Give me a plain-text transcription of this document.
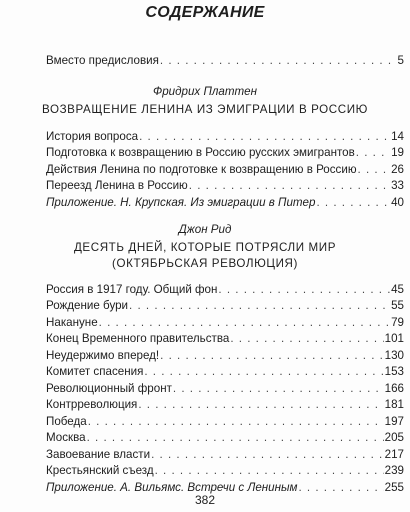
СОДЕРЖАНИЕ
Вместо предисловия . . .	5
Фридрих Платтен
ВОЗВРАЩЕНИЕ ЛЕНИНА ИЗ ЭМИГРАЦИИ В РОССИЮ
История вопроса . . .	14
Подготовка к возвращению в Россию русских эмигрантов . . .	19
Действия Ленина по подготовке к возвращению в Россию . . .	26
Переезд Ленина в Россию . . .	33
Приложение. Н. Крупская. Из эмиграции в Питер . . .	40
Джон Рид
ДЕСЯТЬ ДНЕЙ, КОТОРЫЕ ПОТРЯСЛИ МИР
(ОКТЯБРЬСКАЯ РЕВОЛЮЦИЯ)
Россия в 1917 году. Общий фон . . .	45
Рождение бури . . .	55
Накануне . . .	79
Конец Временного правительства . . .	101
Неудержимо вперед! . . .	130
Комитет спасения . . .	153
Революционный фронт . . .	166
Контрреволюция . . .	181
Победа . . .	197
Москва . . .	205
Завоевание власти . . .	217
Крестьянский съезд . . .	239
Приложение. А. Вильямс. Встречи с Лениным . . .	255
382
